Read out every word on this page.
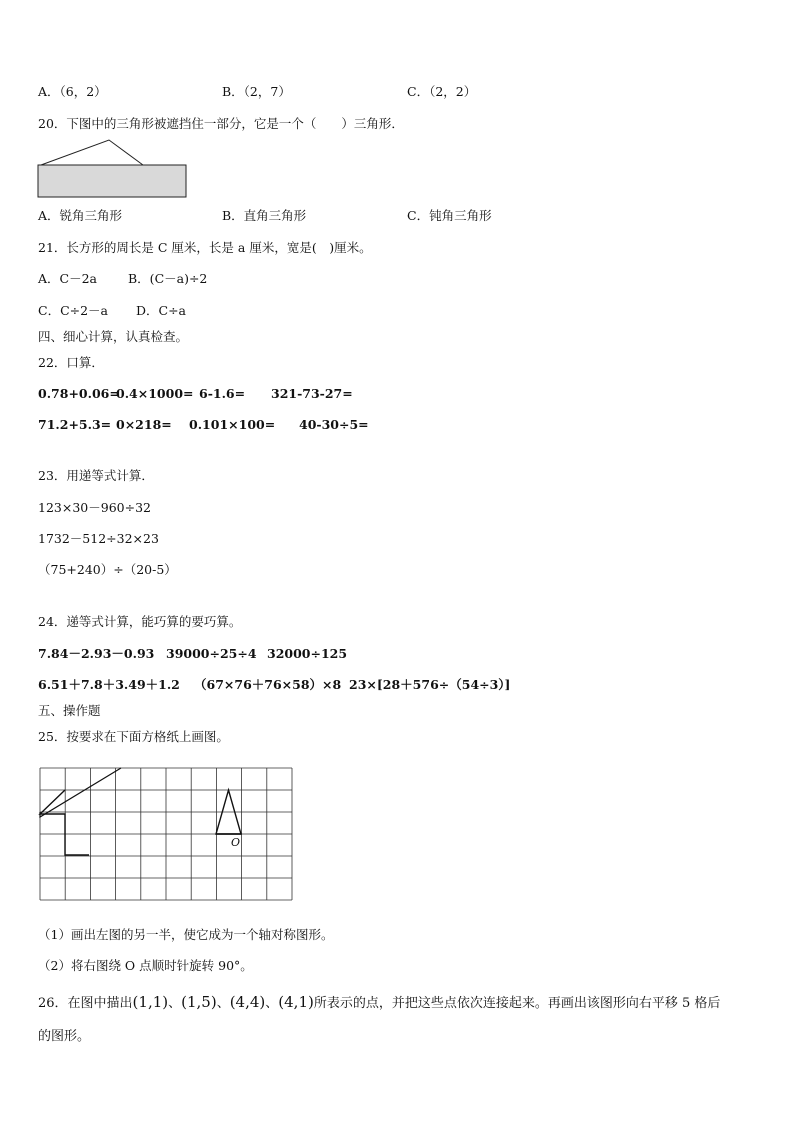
A．（6，2）	B．（2，7）	C．（2，2）
20．下图中的三角形被遮挡住一部分，它是一个（　　）三角形．
A．锐角三角形	B．直角三角形	C．钝角三角形
21．长方形的周长是 C 厘米，长是 a 厘米，宽是(　)厘米。
A．C－2a B．(C－a)÷2
C．C÷2－a D．C÷a
四、细心计算，认真检查。
22．口算．
0.78+0.06=
0.4×1000= 6-1.6= 321-73-27=
71.2+5.3= 0×218= 0.101×100= 40-30÷5=
23．用递等式计算．
123×30－960÷32
1732－512÷32×23
（75+240）÷（20-5）
24．递等式计算，能巧算的要巧算。
7.84－2.93－0.93 39000÷25÷4 32000÷125
6.51＋7.8＋3.49＋1.2 （67×76＋76×58）×8 23×[28＋576÷（54÷3）]
五、操作题
25．按要求在下面方格纸上画图。
O
（1）画出左图的另一半，使它成为一个轴对称图形。
（2）将右图绕 O 点顺时针旋转 90°。
26．在图中描出(1,1)、(1,5)、(4,4)、(4,1)所表示的点，并把这些点依次连接起来。再画出该图形向右平移 5 格后
的图形。
